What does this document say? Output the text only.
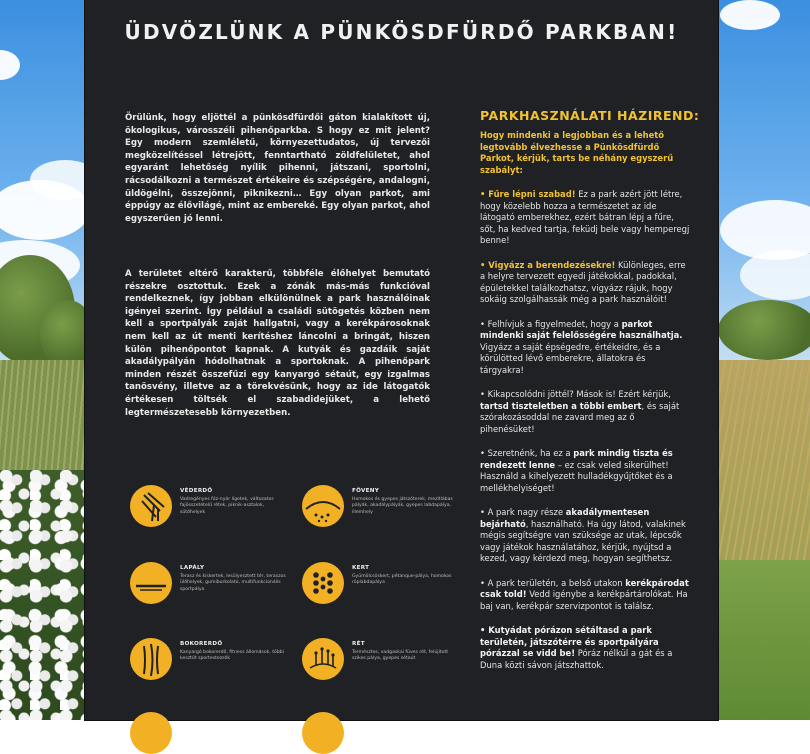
ÜDVÖZLÜNK A PÜNKÖSDFÜRDŐ PARKBAN!

Örülünk, hogy eljöttél a pünkösdfürdői gáton kialakított új, ökologikus, városszéli pihenőparkba. S hogy ez mit jelent? Egy modern szemléletű, környezettudatos, új tervezői megközelítéssel létrejött, fenntartható zöldfelületet, ahol egyaránt lehetőség nyílik pihenni, játszani, sportolni, rácsodálkozni a természet értékeire és szépségére, andalogni, üldögélni, összejönni, piknikezni… Egy olyan parkot, ami éppúgy az élővilágé, mint az embereké. Egy olyan parkot, ahol egyszerűen jó lenni.

A területet eltérő karakterű, többféle élőhelyet bemutató részekre osztottuk. Ezek a zónák más-más funkcióval rendelkeznek, így jobban elkülönülnek a park használóinak igényei szerint. Így például a családi sütögetés közben nem kell a sportpályák zaját hallgatni, vagy a kerékpárosoknak nem kell az út menti kerítéshez láncolni a bringát, hiszen külön pihenőpontot kapnak. A kutyák és gazdáik saját akadálypályán hódolhatnak a sportoknak. A pihenőpark minden részét összefűzi egy kanyargó sétaút, egy izgalmas tanösvény, illetve az a törekvésünk, hogy az ide látogatók értékesen töltsék el szabadidejüket, a lehető legtermészetesebb környezetben.

PARKHASZNÁLATI HÁZIREND:

Hogy mindenki a legjobban és a lehető legtovább élvezhesse a Pünkösdfürdő Parkot, kérjük, tarts be néhány egyszerű szabályt:

• Fűre lépni szabad! Ez a park azért jött létre, hogy közelebb hozza a természetet az ide látogató emberekhez, ezért bátran lépj a fűre, sőt, ha kedved tartja, feküdj bele vagy hemperegj benne!

• Vigyázz a berendezésekre! Különleges, erre a helyre tervezett egyedi játékokkal, padokkal, épületekkel találkozhatsz, vigyázz rájuk, hogy sokáig szolgálhassák még a park használóit!

• Felhívjuk a figyelmedet, hogy a parkot mindenki saját felelősségére használhatja. Vigyázz a saját épségedre, értékeidre, és a körülötted lévő emberekre, állatokra és tárgyakra!

• Kikapcsolódni jöttél? Mások is! Ezért kérjük, tartsd tiszteletben a többi embert, és saját szórakozásoddal ne zavard meg az ő pihenésüket!

• Szeretnénk, ha ez a park mindig tiszta és rendezett lenne – ez csak veled sikerülhet! Használd a kihelyezett hulladékgyűjtőket és a mellékhelyiséget!

• A park nagy része akadálymentesen bejárható, használható. Ha úgy látod, valakinek mégis segítségre van szüksége az utak, lépcsők vagy játékok használatához, kérjük, nyújtsd a kezed, vagy kérdezd meg, hogyan segíthetsz.

• A park területén, a belső utakon kerékpárodat csak told! Vedd igénybe a kerékpártárolókat. Ha baj van, kerékpár szervizpontot is találsz.

• Kutyádat pórázon sétáltasd a park területén, játszótérre és sportpályára pórázzal se vidd be! Póráz nélkül a gát és a Duna közti sávon játszhattok.

VÉDERDŐ
Vadregényes fűz-nyár ligetek, változatos fajösszetételű rétek, piknik-asztalok, sütőhelyek
FÖVENY
Homokos és gyepes játszóterek, mezítlábas pályák, akadálypályák, gyepes labdapálya, illemhely
LAPÁLY
Terasz és kiskertek, lesülyesztett tér, teraszos ülőhelyek, gumiburkolatú, multifunkcionális sportpálya
KERT
Gyümölcsöskert, pétanque-pálya, homokos röplabdapálya
BOKORERDŐ
Kanyargó bokorerdő, fitness állomások, többi kesztűt sportestezsők
RÉT
Természtes, vadgaskai füves rét, felújított szikes pálya, gyepes sétaút
